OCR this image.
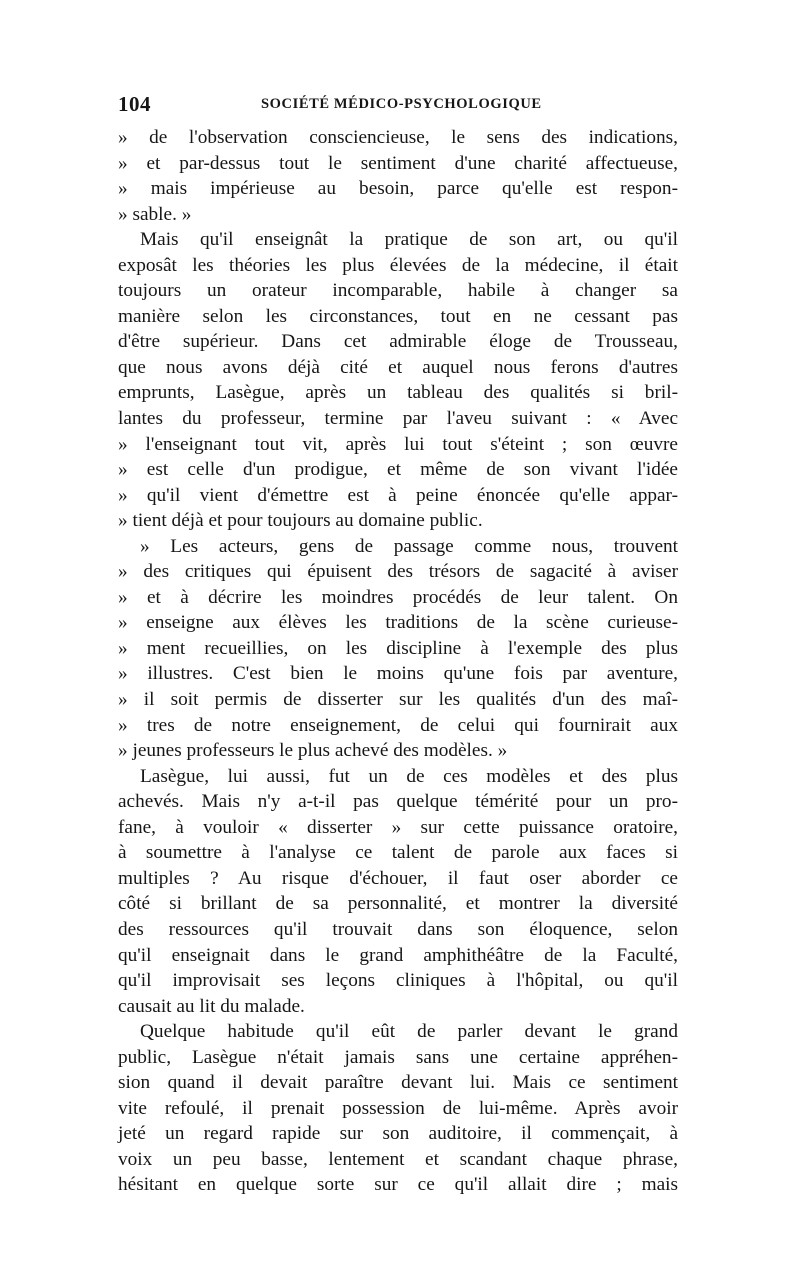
104	SOCIÉTÉ MÉDICO-PSYCHOLOGIQUE
» de l'observation consciencieuse, le sens des indications,
» et par-dessus tout le sentiment d'une charité affectueuse,
» mais impérieuse au besoin, parce qu'elle est respon-
» sable. »
Mais qu'il enseignât la pratique de son art, ou qu'il
exposât les théories les plus élevées de la médecine, il était
toujours un orateur incomparable, habile à changer sa
manière selon les circonstances, tout en ne cessant pas
d'être supérieur. Dans cet admirable éloge de Trousseau,
que nous avons déjà cité et auquel nous ferons d'autres
emprunts, Lasègue, après un tableau des qualités si bril-
lantes du professeur, termine par l'aveu suivant : « Avec
» l'enseignant tout vit, après lui tout s'éteint ; son œuvre
» est celle d'un prodigue, et même de son vivant l'idée
» qu'il vient d'émettre est à peine énoncée qu'elle appar-
» tient déjà et pour toujours au domaine public.
» Les acteurs, gens de passage comme nous, trouvent
» des critiques qui épuisent des trésors de sagacité à aviser
» et à décrire les moindres procédés de leur talent. On
» enseigne aux élèves les traditions de la scène curieuse-
» ment recueillies, on les discipline à l'exemple des plus
» illustres. C'est bien le moins qu'une fois par aventure,
» il soit permis de disserter sur les qualités d'un des maî-
» tres de notre enseignement, de celui qui fournirait aux
» jeunes professeurs le plus achevé des modèles. »
Lasègue, lui aussi, fut un de ces modèles et des plus
achevés. Mais n'y a-t-il pas quelque témérité pour un pro-
fane, à vouloir « disserter » sur cette puissance oratoire,
à soumettre à l'analyse ce talent de parole aux faces si
multiples ? Au risque d'échouer, il faut oser aborder ce
côté si brillant de sa personnalité, et montrer la diversité
des ressources qu'il trouvait dans son éloquence, selon
qu'il enseignait dans le grand amphithéâtre de la Faculté,
qu'il improvisait ses leçons cliniques à l'hôpital, ou qu'il
causait au lit du malade.
Quelque habitude qu'il eût de parler devant le grand
public, Lasègue n'était jamais sans une certaine appréhen-
sion quand il devait paraître devant lui. Mais ce sentiment
vite refoulé, il prenait possession de lui-même. Après avoir
jeté un regard rapide sur son auditoire, il commençait, à
voix un peu basse, lentement et scandant chaque phrase,
hésitant en quelque sorte sur ce qu'il allait dire ; mais
